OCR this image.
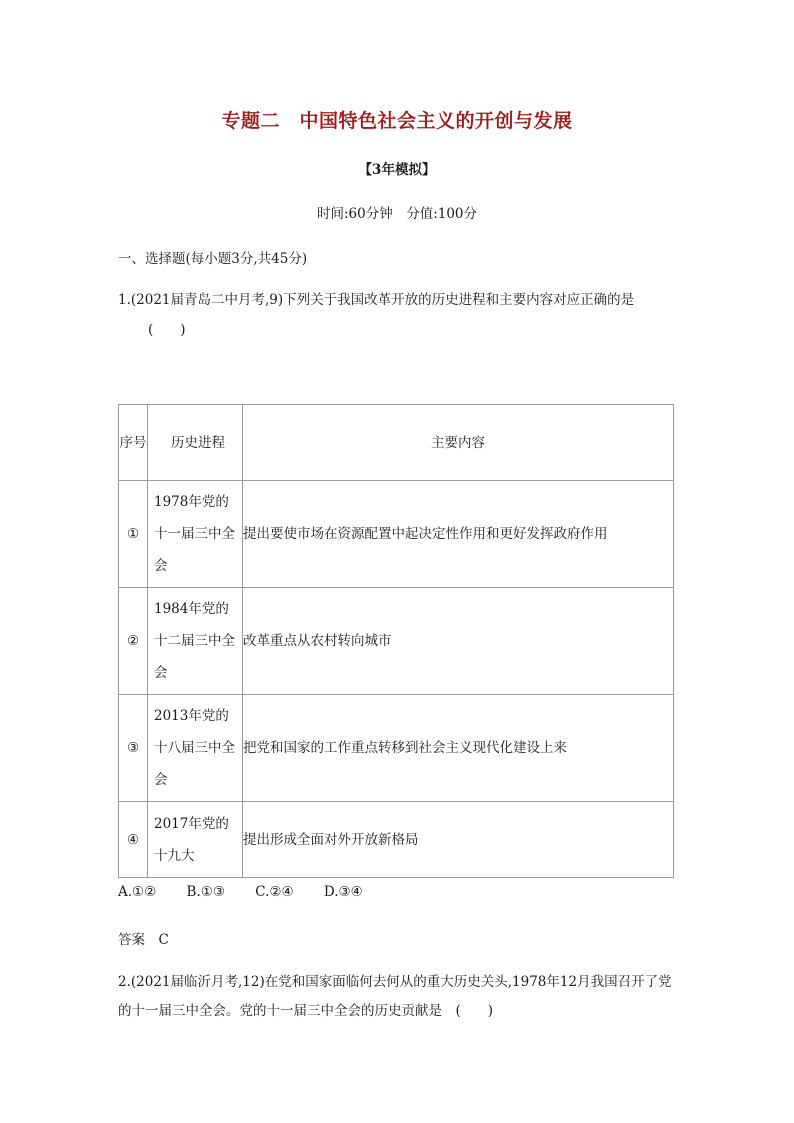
专题二　中国特色社会主义的开创与发展
【3年模拟】
时间:60分钟　分值:100分
一、选择题(每小题3分,共45分)
1.(2021届青岛二中月考,9)下列关于我国改革开放的历史进程和主要内容对应正确的是
(　　)
序号	历史进程	主要内容
①	1978年党的十一届三中全会	提出要使市场在资源配置中起决定性作用和更好发挥政府作用
②	1984年党的十二届三中全会	改革重点从农村转向城市
③	2013年党的十八届三中全会	把党和国家的工作重点转移到社会主义现代化建设上来
④	2017年党的十九大	提出形成全面对外开放新格局
A.①② B.①③ C.②④ D.③④
答案　C
2.(2021届临沂月考,12)在党和国家面临何去何从的重大历史关头,1978年12月我国召开了党的十一届三中全会。党的十一届三中全会的历史贡献是　(　　)
